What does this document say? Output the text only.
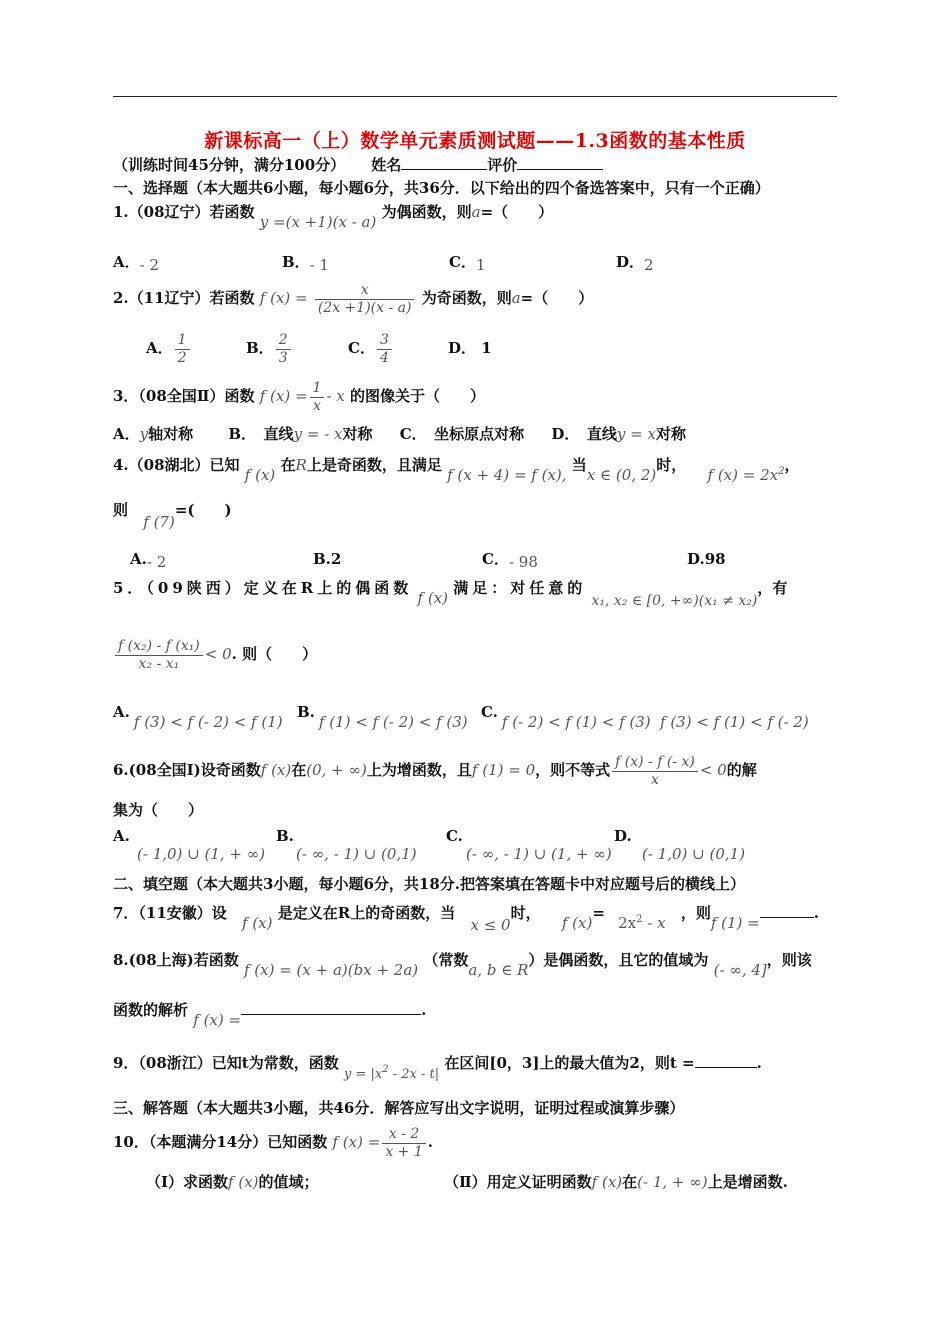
新课标高一（上）数学单元素质测试题——1.3函数的基本性质
（训练时间45分钟，满分100分） 姓名	评价
一、选择题（本大题共6小题，每小题6分，共36分．以下给出的四个备选答案中，只有一个正确）
1.（08辽宁）若函数 y =(x +1)(x - a) 为偶函数，则a=（　　）
A．- 2	B．- 1	C．1	D．2
2.（11辽宁）若函数 f $(x) = \frac{x}{(2x +1)(x - a)}$ 为奇函数，则a=（　　）
A． $\frac{1}{2}$	B． $\frac{2}{3}$	C． $\frac{3}{4}$	D． 1
3．（08全国Ⅱ）函数 f $(x) = \frac{1}{x} - x$ 的图像关于（　　）
A．y轴对称 B．　直线y = - x对称 C．　坐标原点对称 D．　直线y = x对称
4.（08湖北）已知 f (x) 在R上是奇函数，且满足 f (x + 4) = f (x), 当x ∈ (0, 2)时， f $(x) = 2x^2$，
则 f (7)=(　　)
A.- 2	B.2	C．- 98	D.98
5．（09陕西）定义在R上的偶函数 f (x) 满足：对任意的 x₁, x₂ ∈ [0, +∞)(x₁ ≠ x₂)，有
$\frac{\text{f (x₂) - f (x₁)}}{\text{x₂ - x₁}} < 0$. 则（　　）
A.f (3) < f (- 2) < f (1)
B.f (1) < f (- 2) < f (3)
C.f (- 2) < f (1) < f (3) f (3) < f (1) < f (- 2)
6.(08全国Ⅰ)设奇函数f (x)在(0, + ∞)上为增函数，且f (1) = 0，则不等式 $\frac{f (x) - f (- x)}{x} < 0$的解
集为（　　）
A.
(- 1,0) ∪ (1, + ∞)
B.
(- ∞, - 1) ∪ (0,1)
C.
(- ∞, - 1) ∪ (1, + ∞)
D.
(- 1,0) ∪ (0,1)
二、填空题（本大题共3小题，每小题6分，共18分.把答案填在答题卡中对应题号后的横线上）
7．（11安徽）设 f (x) 是定义在R上的奇函数，当 x ≤ 0时， f $(x)= 2x^2 - x$ ，则f (1) =.
8.(08上海)若函数 f (x) = (x + a)(bx + 2a) （常数a, b ∈ R）是偶函数，且它的值域为 (- ∞, 4]，则该
函数的解析 f (x) =.
9．（08浙江）已知t为常数，函数 $y = |x^2 - 2x - t|$ 在区间[0，3]上的最大值为2，则t =	.
三、解答题（本大题共3小题，共46分．解答应写出文字说明，证明过程或演算步骤）
10．（本题满分14分）已知函数 f $(x) = \frac{x - 2}{x + 1}$ .
（Ⅰ）求函数f (x)的值域；	（Ⅱ）用定义证明函数f (x)在(- 1, + ∞)上是增函数.
